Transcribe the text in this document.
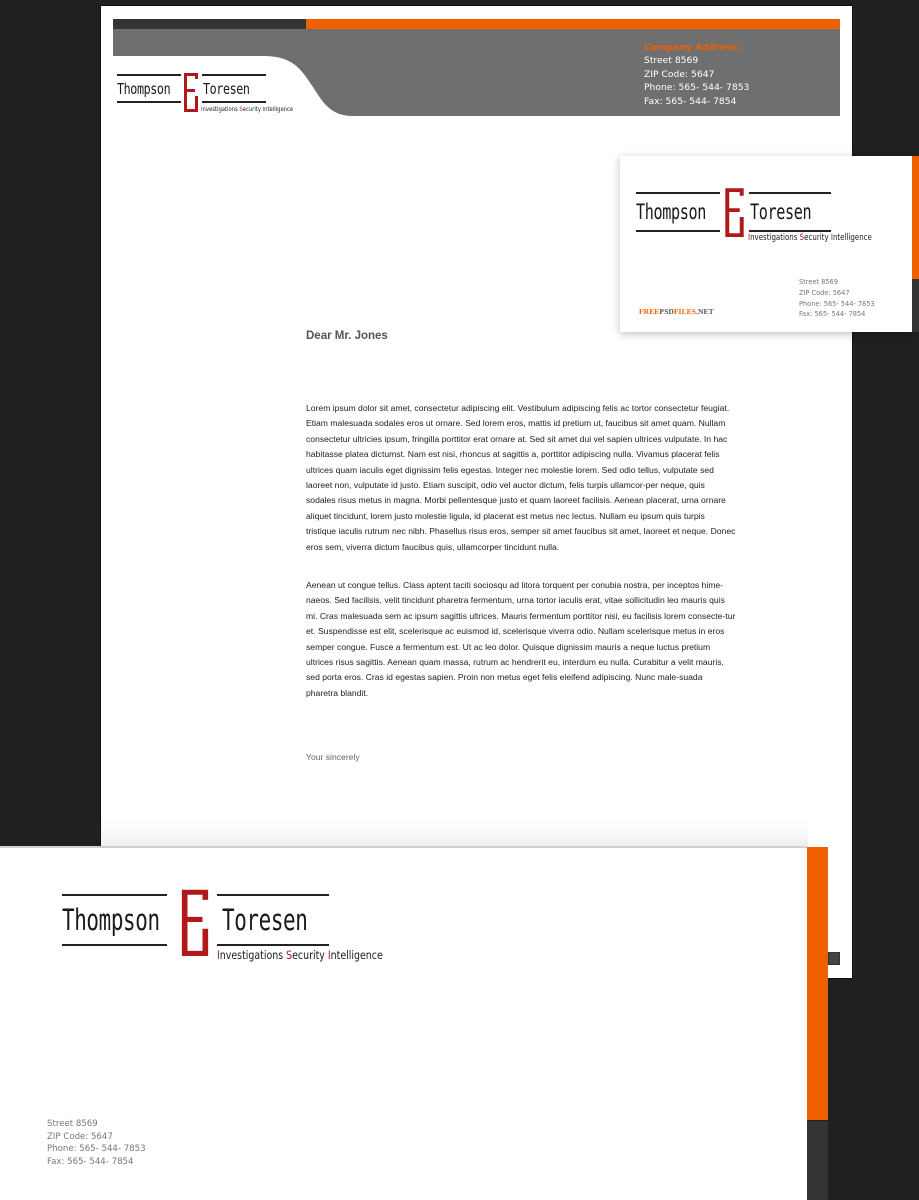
Thompson Toresen
Investigations Security Intelligence
Company Address:
Street 8569
ZIP Code: 5647
Phone: 565- 544- 7853
Fax: 565- 544- 7854
Dear Mr. Jones

Lorem ipsum dolor sit amet, consectetur adipiscing elit. Vestibulum adipiscing felis ac tortor consectetur feugiat. Etiam malesuada sodales eros ut ornare. Sed lorem eros, mattis id pretium ut, faucibus sit amet quam. Nullam consectetur ultricies ipsum, fringilla porttitor erat ornare at. Sed sit amet dui vel sapien ultrices vulputate. In hac habitasse platea dictumst. Nam est nisi, rhoncus at sagittis a, porttitor adipiscing nulla. Vivamus placerat felis ultrices quam iaculis eget dignissim felis egestas. Integer nec molestie lorem. Sed odio tellus, vulputate sed laoreet non, vulputate id justo. Etiam suscipit, odio vel auctor dictum, felis turpis ullamcor-per neque, quis sodales risus metus in magna. Morbi pellentesque justo et quam laoreet facilisis. Aenean placerat, urna ornare aliquet tincidunt, lorem justo molestie ligula, id placerat est metus nec lectus. Nullam eu ipsum quis turpis tristique iaculis rutrum nec nibh. Phasellus risus eros, semper sit amet faucibus sit amet, laoreet et neque. Donec eros sem, viverra dictum faucibus quis, ullamcorper tincidunt nulla.

Aenean ut congue tellus. Class aptent taciti sociosqu ad litora torquent per conubia nostra, per inceptos hime-naeos. Sed facilisis, velit tincidunt pharetra fermentum, urna tortor iaculis erat, vitae sollicitudin leo mauris quis mi. Cras malesuada sem ac ipsum sagittis ultrices. Mauris fermentum porttitor nisi, eu facilisis lorem consecte-tur et. Suspendisse est elit, scelerisque ac euismod id, scelerisque viverra odio. Nullam scelerisque metus in eros semper congue. Fusce a fermentum est. Ut ac leo dolor. Quisque dignissim mauris a neque luctus pretium ultrices risus sagittis. Aenean quam massa, rutrum ac hendrerit eu, interdum eu nulla. Curabitur a velit mauris, sed porta eros. Cras id egestas sapien. Proin non metus eget felis eleifend adipiscing. Nunc male-suada pharetra blandit.

Your sincerely
Thompson Toresen
Investigations Security Intelligence
FREEPSDFILES.NET
Street 8569
ZIP Code: 5647
Phone: 565- 544- 7853
Fax: 565- 544- 7854
Thompson Toresen
Investigations Security Intelligence
Street 8569
ZIP Code: 5647
Phone: 565- 544- 7853
Fax: 565- 544- 7854
